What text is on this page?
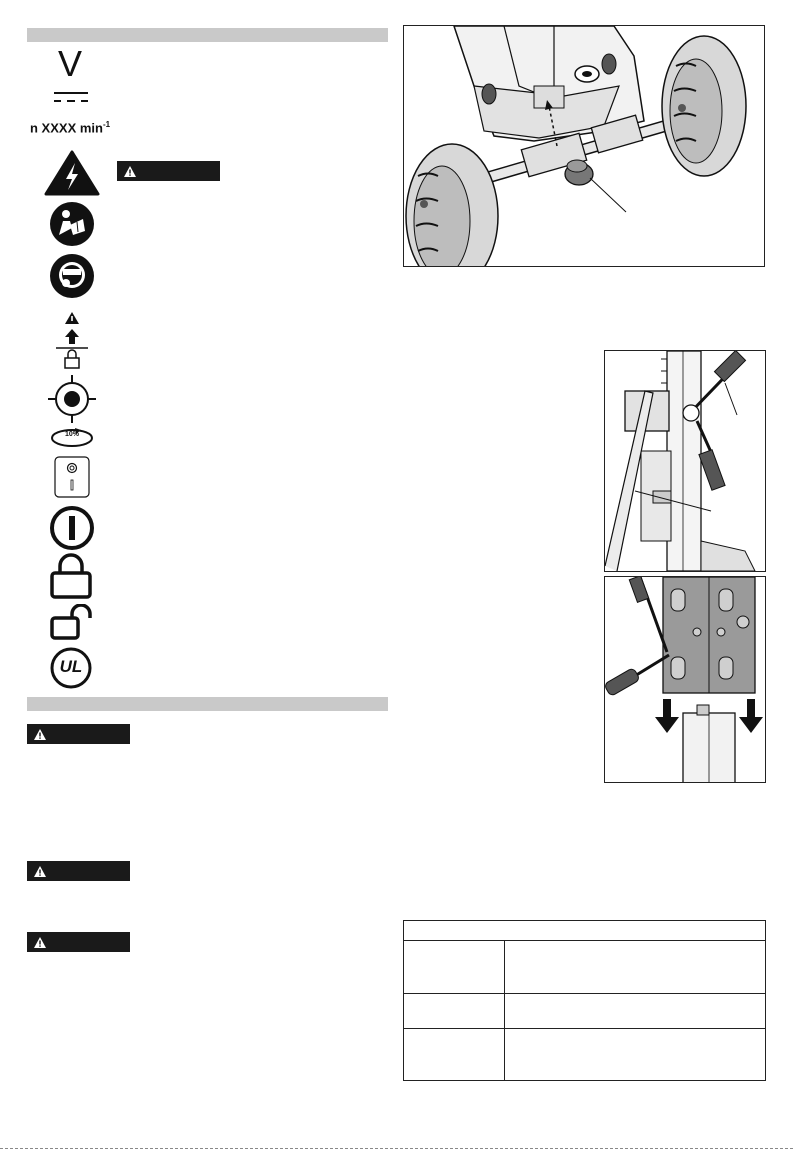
V
n XXXX $\min^{-1}$
10%
UL
